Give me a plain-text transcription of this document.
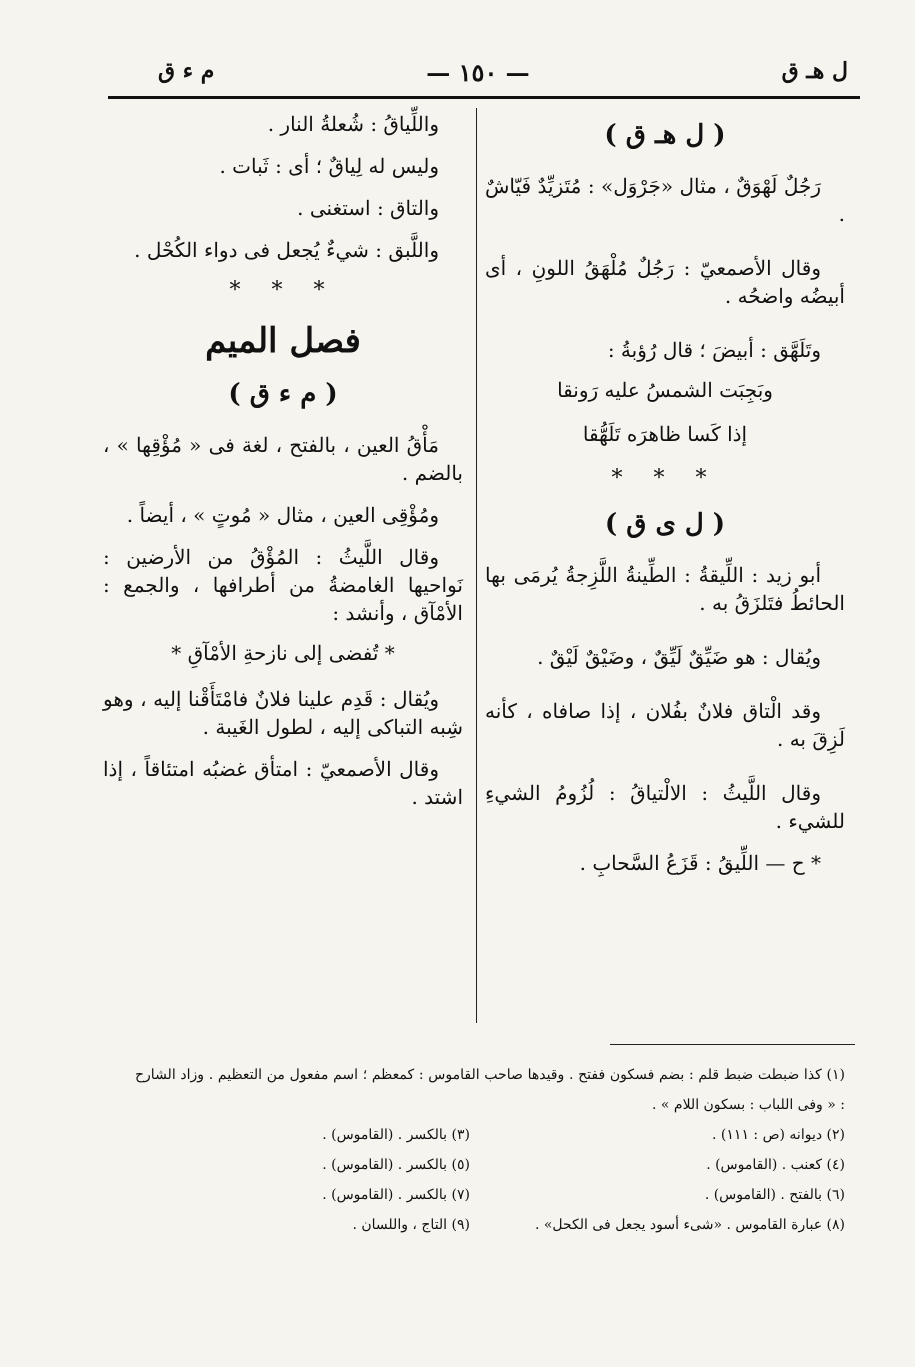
ل هـ ق
— ١٥٠ —
م ء ق
( ل هـ ق )

رَجُلٌ لَهْوَقٌ ، مثال «جَرْوَل» : مُتَزيِّدٌ فَيّاشٌ .

وقال الأصمعيّ : رَجُلٌ مُلْهَقُ اللونِ ، أى أبيضُه واضحُه .

وتَلَهَّق : أبيضَ ؛ قال رُؤبةُ :

وبَجِبَت الشمسُ عليه رَونقا
إذا كَسا ظاهرَه تَلَهُّقا
* * *
( ل ى ق )

أبو زيد : اللِّيقةُ : الطِّينةُ اللَّزِجةُ يُرمَى بها الحائطُ فتَلزَقُ به .

ويُقال : هو ضَيِّقٌ لَيِّقٌ ، وضَيْقٌ لَيْقٌ .

وقد الْتاق فلانٌ بفُلان ، إذا صافاه ، كأنه لَزِقَ به .

وقال اللَّيثُ : الالْتياقُ : لُزُومُ الشيءِ للشيء .

* ح — اللِّيقُ : قَزَعُ السَّحابِ .

واللِّياقُ : شُعلةُ النار .

وليس له لِياقٌ ؛ أى : ثَبات .

والتاق : استغنى .

واللَّبق : شيءٌ يُجعل فى دواء الكُحْل .

* * *
فصل الميم
( م ء ق )

مَأْقُ العين ، بالفتح ، لغة فى « مُؤْقِها » ، بالضم .

ومُؤْقِى العين ، مثال « مُوتٍ » ، أيضاً .

وقال اللَّيثُ : المُؤْقُ من الأرضين : نَواحيها الغامضةُ من أطرافها ، والجمع : الأمْآق ، وأنشد :

* تُفضى إلى نازحةِ الأمْآقِ *

ويُقال : قَدِم علينا فلانٌ فامْتَأَقْنا إليه ، وهو شِبه التباكى إليه ، لطول الغَيبة .

وقال الأصمعيّ : امتأق غضبُه امتئاقاً ، إذا اشتد .

(١) كذا ضبطت ضبط قلم : بضم فسكون ففتح . وقيدها صاحب القاموس : كمعظم ؛ اسم مفعول من التعظيم . وزاد الشارح : « وفى اللباب : بسكون اللام » .

(٢) ديوانه (ص : ١١١) .
(٣) بالكسر . (القاموس) .
(٤) كعنب . (القاموس) .
(٥) بالكسر . (القاموس) .
(٦) بالفتح . (القاموس) .
(٧) بالكسر . (القاموس) .
(٨) عبارة القاموس . «شىء أسود يجعل فى الكحل» .
(٩) التاج ، واللسان .
